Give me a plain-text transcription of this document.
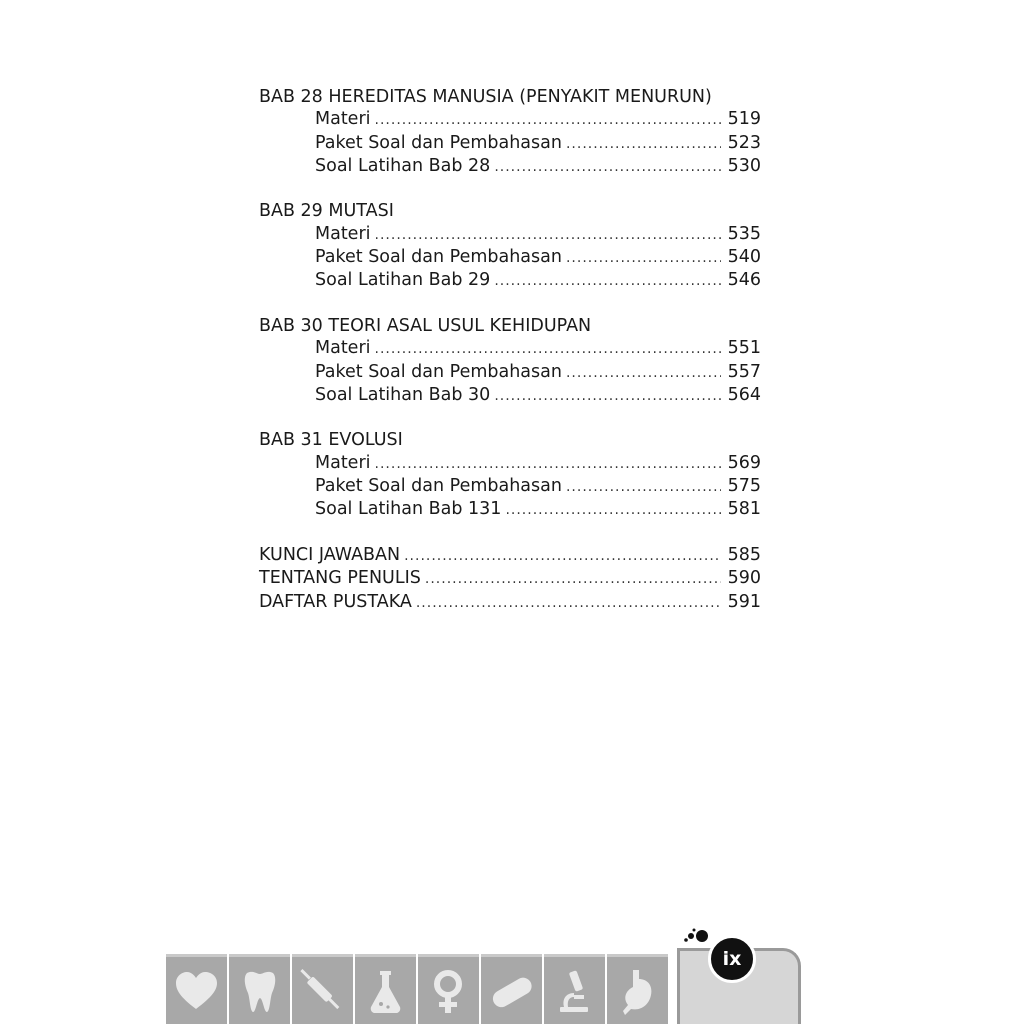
BAB 28 HEREDITAS MANUSIA (PENYAKIT MENURUN)
Materi .....	519
Paket Soal dan Pembahasan .....	523
Soal Latihan Bab 28 .....	530
BAB 29 MUTASI
Materi .....	535
Paket Soal dan Pembahasan .....	540
Soal Latihan Bab 29 .....	546
BAB 30 TEORI ASAL USUL KEHIDUPAN
Materi .....	551
Paket Soal dan Pembahasan .....	557
Soal Latihan Bab 30 .....	564
BAB 31 EVOLUSI
Materi .....	569
Paket Soal dan Pembahasan .....	575
Soal Latihan Bab 131 .....	581
KUNCI JAWABAN .....	585
TENTANG PENULIS .....	590
DAFTAR PUSTAKA .....	591
ix
